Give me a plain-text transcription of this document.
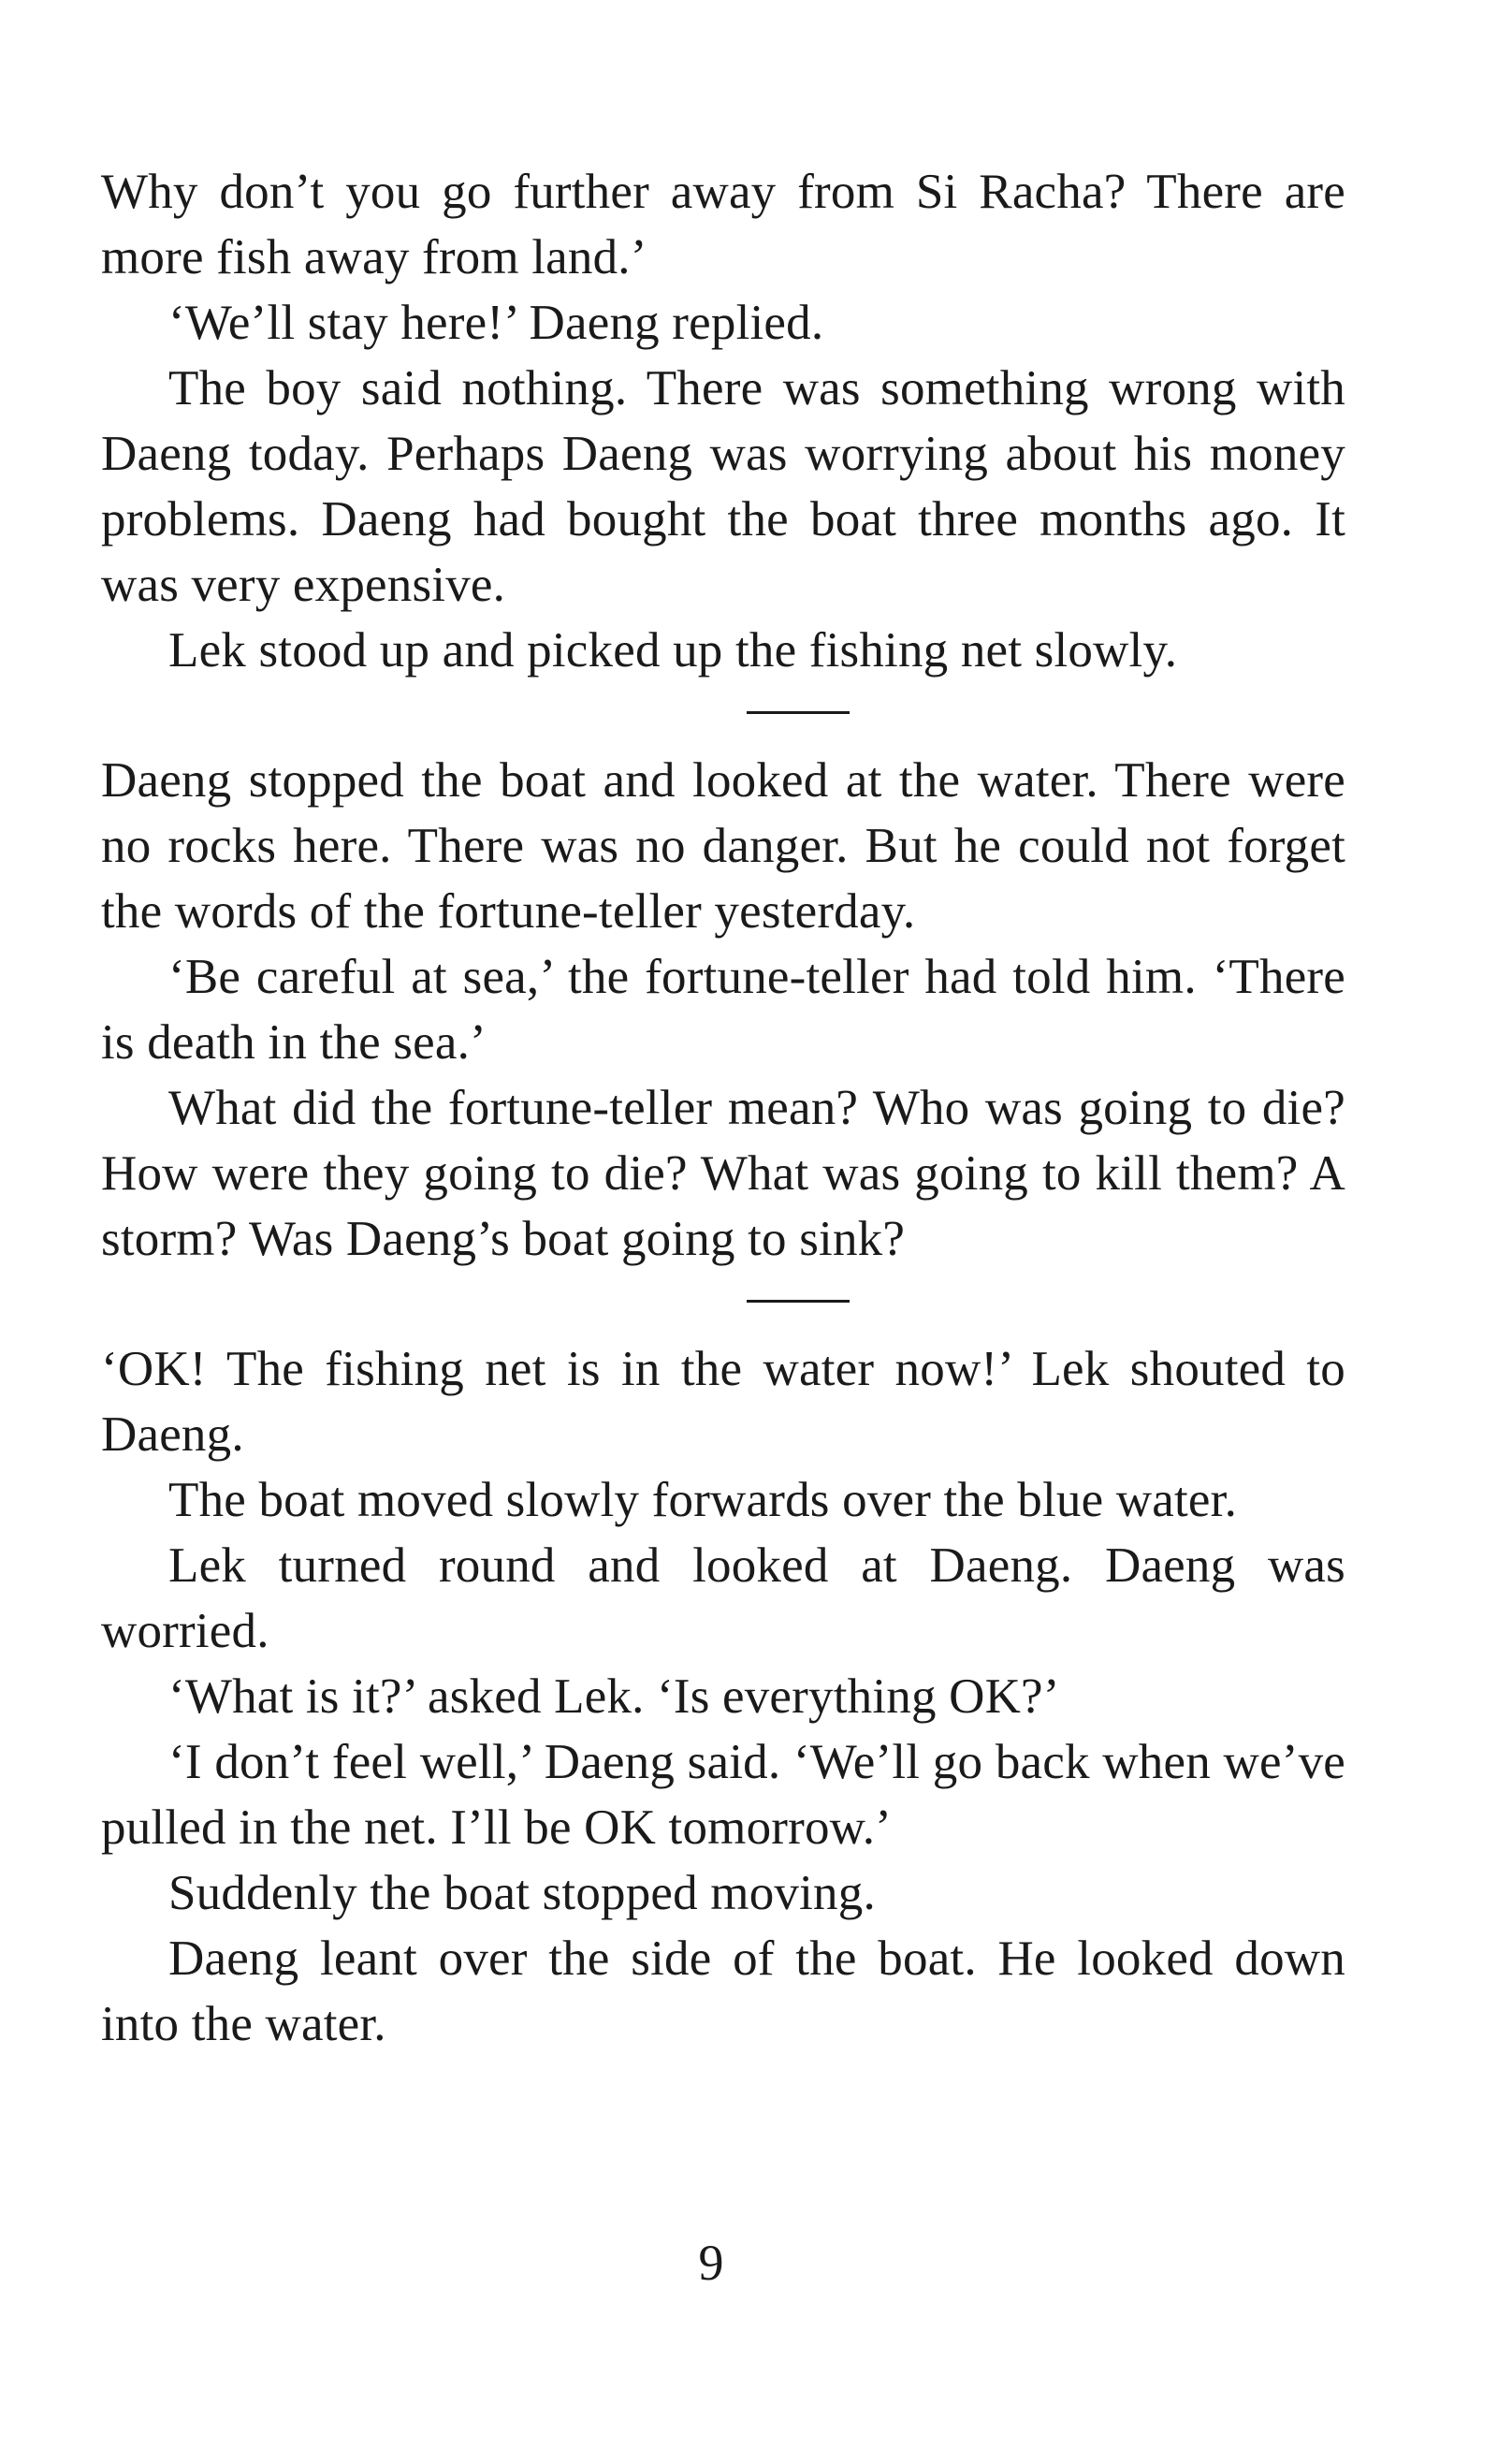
Why don’t you go further away from Si Racha? There are more fish away from land.’

‘We’ll stay here!’ Daeng replied.

The boy said nothing. There was something wrong with Daeng today. Perhaps Daeng was worrying about his money problems. Daeng had bought the boat three months ago. It was very expensive.

Lek stood up and picked up the fishing net slowly.

Daeng stopped the boat and looked at the water. There were no rocks here. There was no danger. But he could not forget the words of the fortune-teller yesterday.

‘Be careful at sea,’ the fortune-teller had told him. ‘There is death in the sea.’

What did the fortune-teller mean? Who was going to die? How were they going to die? What was going to kill them? A storm? Was Daeng’s boat going to sink?

‘OK! The fishing net is in the water now!’ Lek shouted to Daeng.

The boat moved slowly forwards over the blue water.

Lek turned round and looked at Daeng. Daeng was worried.

‘What is it?’ asked Lek. ‘Is everything OK?’

‘I don’t feel well,’ Daeng said. ‘We’ll go back when we’ve pulled in the net. I’ll be OK tomorrow.’

Suddenly the boat stopped moving.

Daeng leant over the side of the boat. He looked down into the water.

9
